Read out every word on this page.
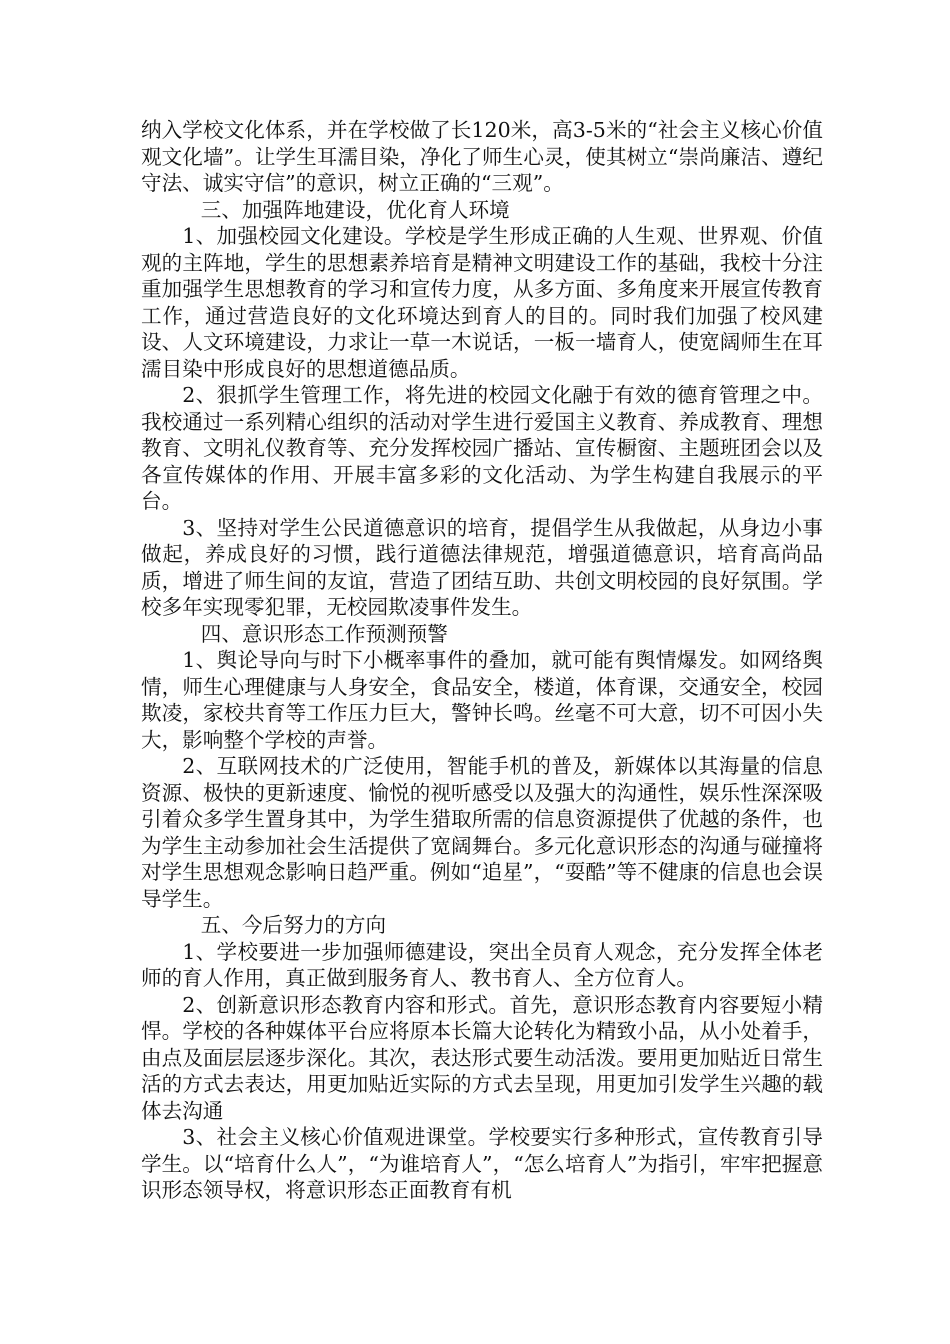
纳入学校文化体系，并在学校做了长120米，高3-5米的“社会主义核心价值观文化墙”。让学生耳濡目染，净化了师生心灵，使其树立“崇尚廉洁、遵纪守法、诚实守信”的意识，树立正确的“三观”。

三、加强阵地建设，优化育人环境

1、加强校园文化建设。学校是学生形成正确的人生观、世界观、价值观的主阵地，学生的思想素养培育是精神文明建设工作的基础，我校十分注重加强学生思想教育的学习和宣传力度，从多方面、多角度来开展宣传教育工作，通过营造良好的文化环境达到育人的目的。同时我们加强了校风建设、人文环境建设，力求让一草一木说话，一板一墙育人，使宽阔师生在耳濡目染中形成良好的思想道德品质。

2、狠抓学生管理工作，将先进的校园文化融于有效的德育管理之中。我校通过一系列精心组织的活动对学生进行爱国主义教育、养成教育、理想教育、文明礼仪教育等、充分发挥校园广播站、宣传橱窗、主题班团会以及各宣传媒体的作用、开展丰富多彩的文化活动、为学生构建自我展示的平台。

3、坚持对学生公民道德意识的培育，提倡学生从我做起，从身边小事做起，养成良好的习惯，践行道德法律规范，增强道德意识，培育高尚品质，增进了师生间的友谊，营造了团结互助、共创文明校园的良好氛围。学校多年实现零犯罪，无校园欺凌事件发生。

四、意识形态工作预测预警

1、舆论导向与时下小概率事件的叠加，就可能有舆情爆发。如网络舆情，师生心理健康与人身安全，食品安全，楼道，体育课，交通安全，校园欺凌，家校共育等工作压力巨大，警钟长鸣。丝毫不可大意，切不可因小失大，影响整个学校的声誉。

2、互联网技术的广泛使用，智能手机的普及，新媒体以其海量的信息资源、极快的更新速度、愉悦的视听感受以及强大的沟通性，娱乐性深深吸引着众多学生置身其中，为学生猎取所需的信息资源提供了优越的条件，也为学生主动参加社会生活提供了宽阔舞台。多元化意识形态的沟通与碰撞将对学生思想观念影响日趋严重。例如“追星”，“耍酷”等不健康的信息也会误导学生。

五、今后努力的方向

1、学校要进一步加强师德建设，突出全员育人观念，充分发挥全体老师的育人作用，真正做到服务育人、教书育人、全方位育人。

2、创新意识形态教育内容和形式。首先，意识形态教育内容要短小精悍。学校的各种媒体平台应将原本长篇大论转化为精致小品，从小处着手，由点及面层层逐步深化。其次，表达形式要生动活泼。要用更加贴近日常生活的方式去表达，用更加贴近实际的方式去呈现，用更加引发学生兴趣的载体去沟通

3、社会主义核心价值观进课堂。学校要实行多种形式，宣传教育引导学生。以“培育什么人”，“为谁培育人”，“怎么培育人”为指引，牢牢把握意识形态领导权，将意识形态正面教育有机
